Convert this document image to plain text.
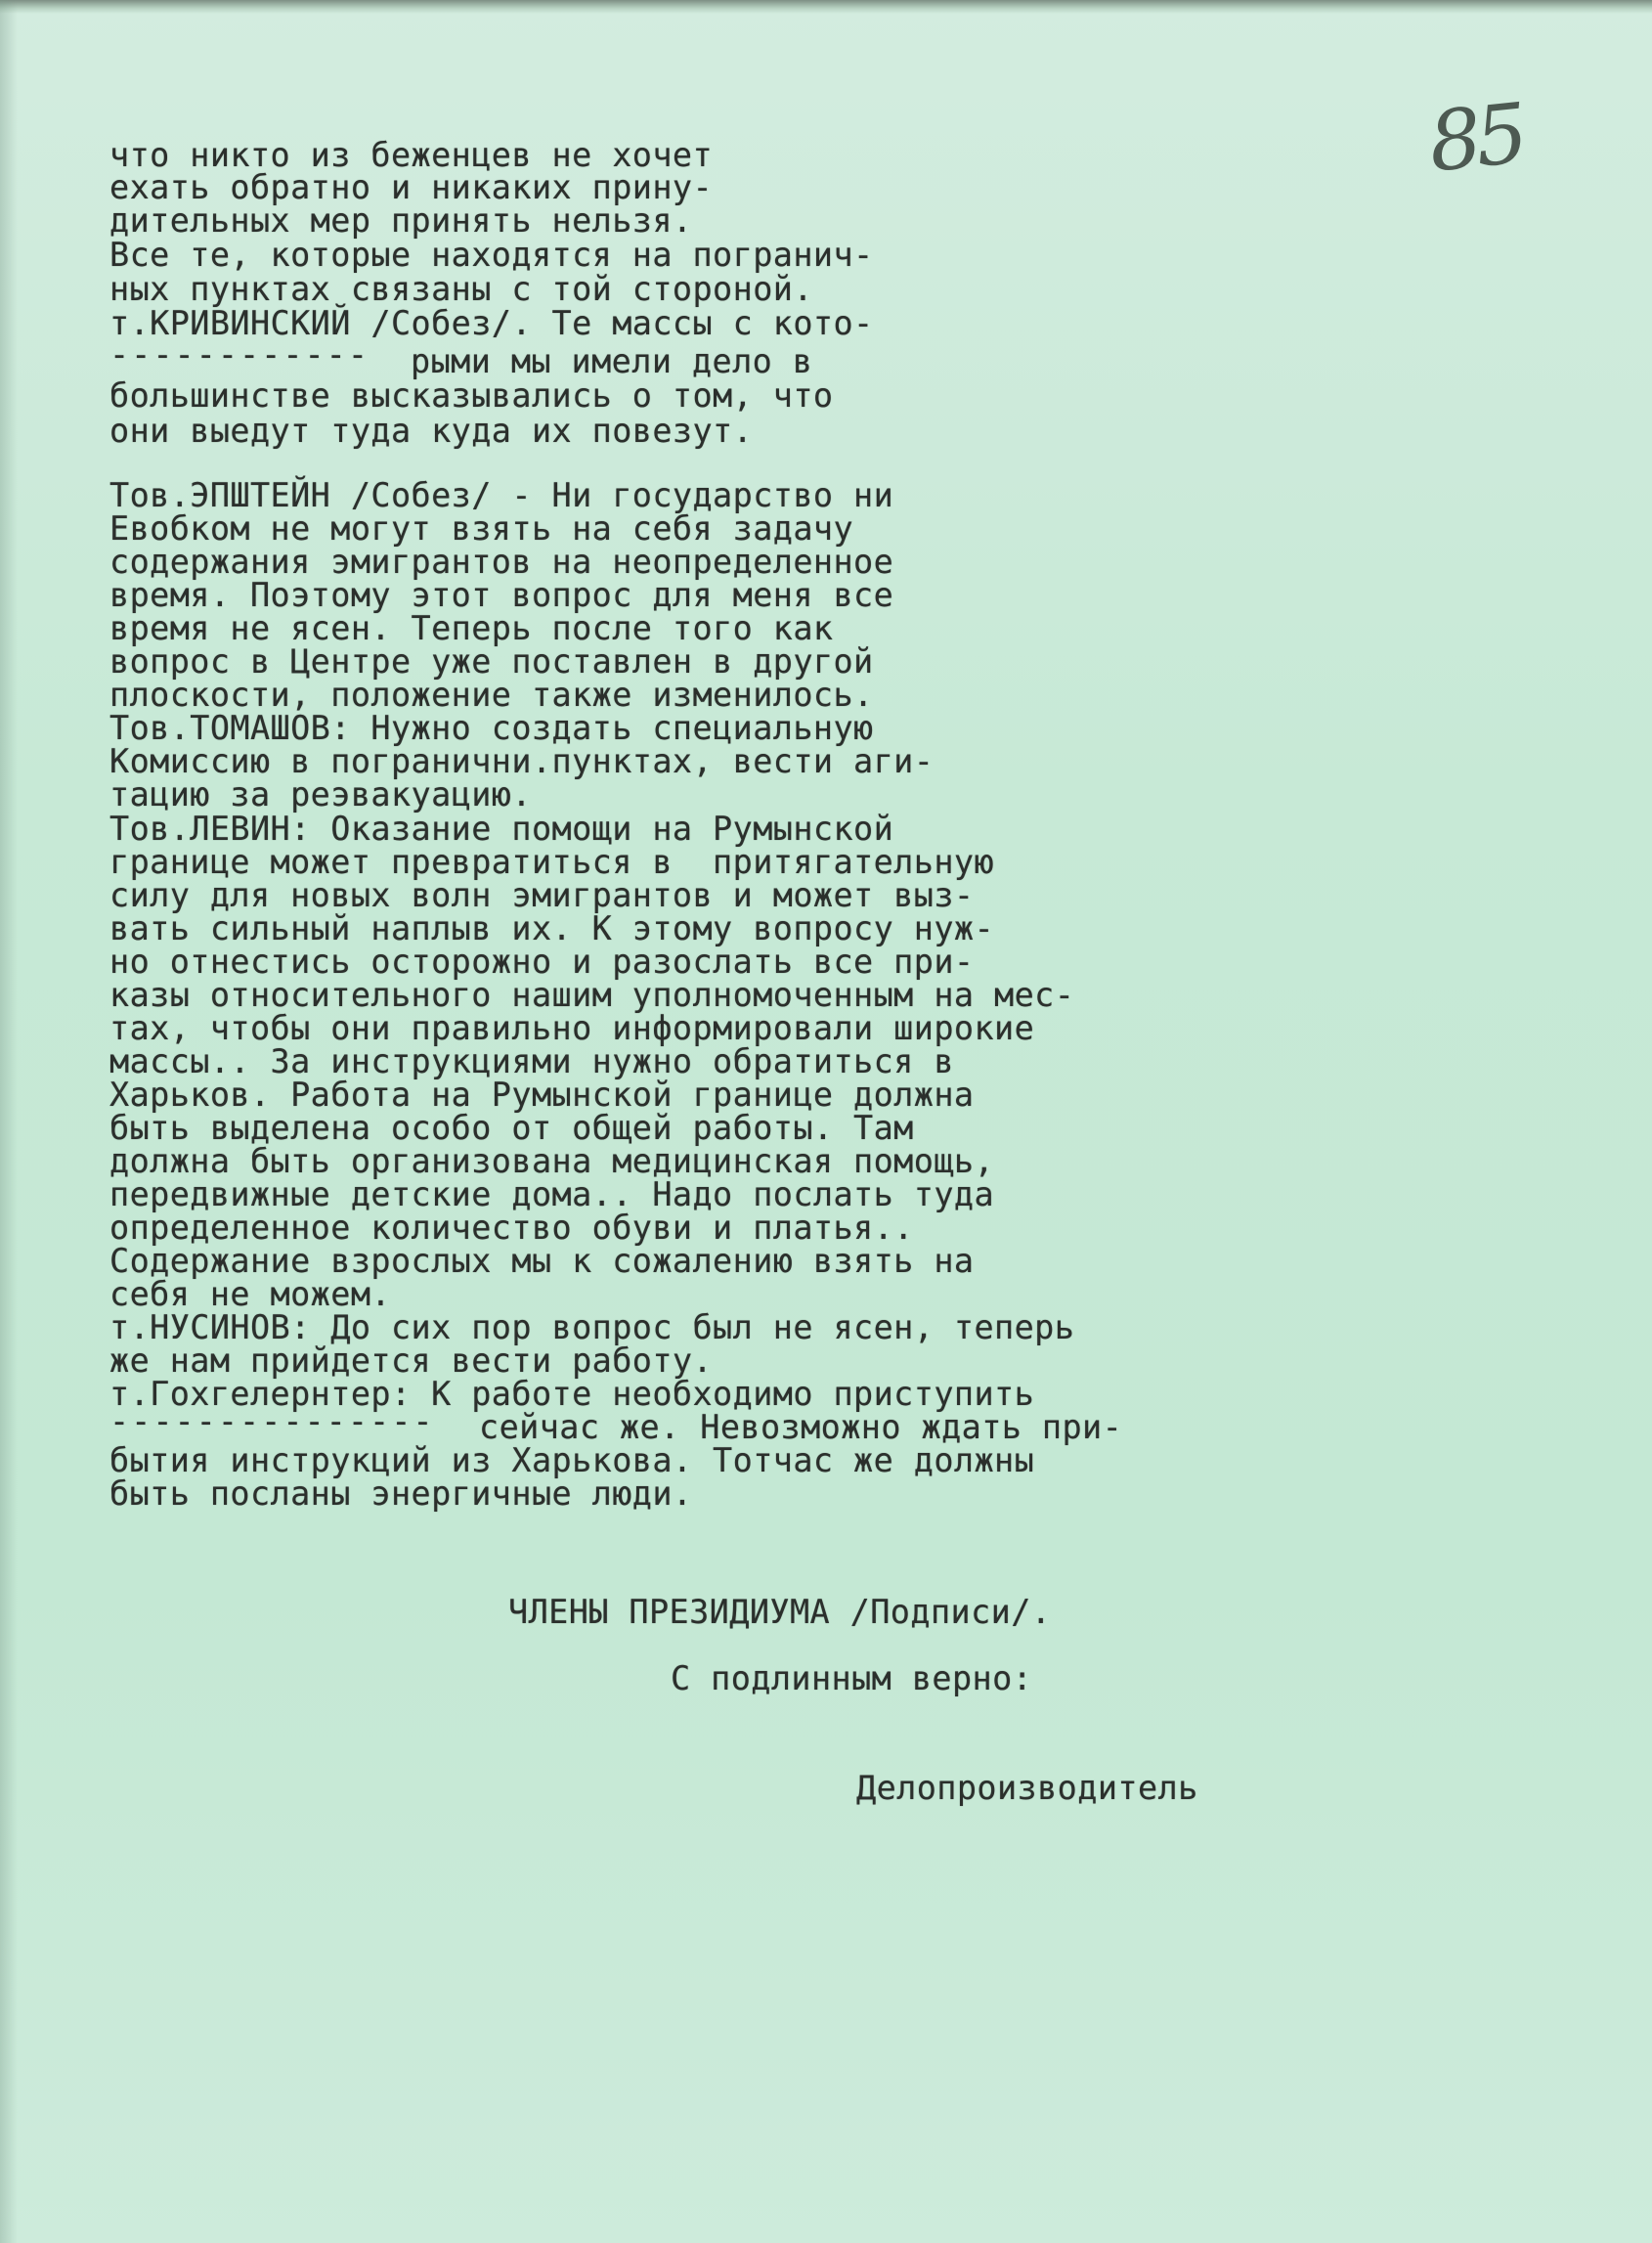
85
что никто из беженцев не хочет
ехать обратно и никаких прину-
дительных мер принять нельзя.
Все те, которые находятся на погранич-
ных пунктах связаны с той стороной.
т.КРИВИНСКИЙ /Собез/. Те массы с кото-
------------ рыми мы имели дело в
большинстве высказывались о том, что
они выедут туда куда их повезут.
Тов.ЭПШТЕЙН /Собез/ - Ни государство ни
Евобком не могут взять на себя задачу
содержания эмигрантов на неопределенное
время. Поэтому этот вопрос для меня все
время не ясен. Теперь после того как
вопрос в Центре уже поставлен в другой
плоскости, положение также изменилось.
Тов.ТОМАШОВ: Нужно создать специальную
Комиссию в погранични.пунктах, вести аги-
тацию за реэвакуацию.
Тов.ЛЕВИН: Оказание помощи на Румынской
границе может превратиться в  притягательную
силу для новых волн эмигрантов и может выз-
вать сильный наплыв их. К этому вопросу нуж-
но отнестись осторожно и разослать все при-
казы относительного нашим уполномоченным на мес-
тах, чтобы они правильно информировали широкие
массы.. За инструкциями нужно обратиться в
Харьков. Работа на Румынской границе должна
быть выделена особо от общей работы. Там
должна быть организована медицинская помощь,
передвижные детские дома.. Надо послать туда
определенное количество обуви и платья..
Содержание взрослых мы к сожалению взять на
себя не можем.
т.НУСИНОВ: До сих пор вопрос был не ясен, теперь
же нам прийдется вести работу.
т.Гохгелернтер: К работе необходимо приступить
--------------- сейчас же. Невозможно ждать при-
бытия инструкций из Харькова. Тотчас же должны
быть посланы энергичные люди.
ЧЛЕНЫ ПРЕЗИДИУМА /Подписи/.
С подлинным верно:
Делопроизводитель
